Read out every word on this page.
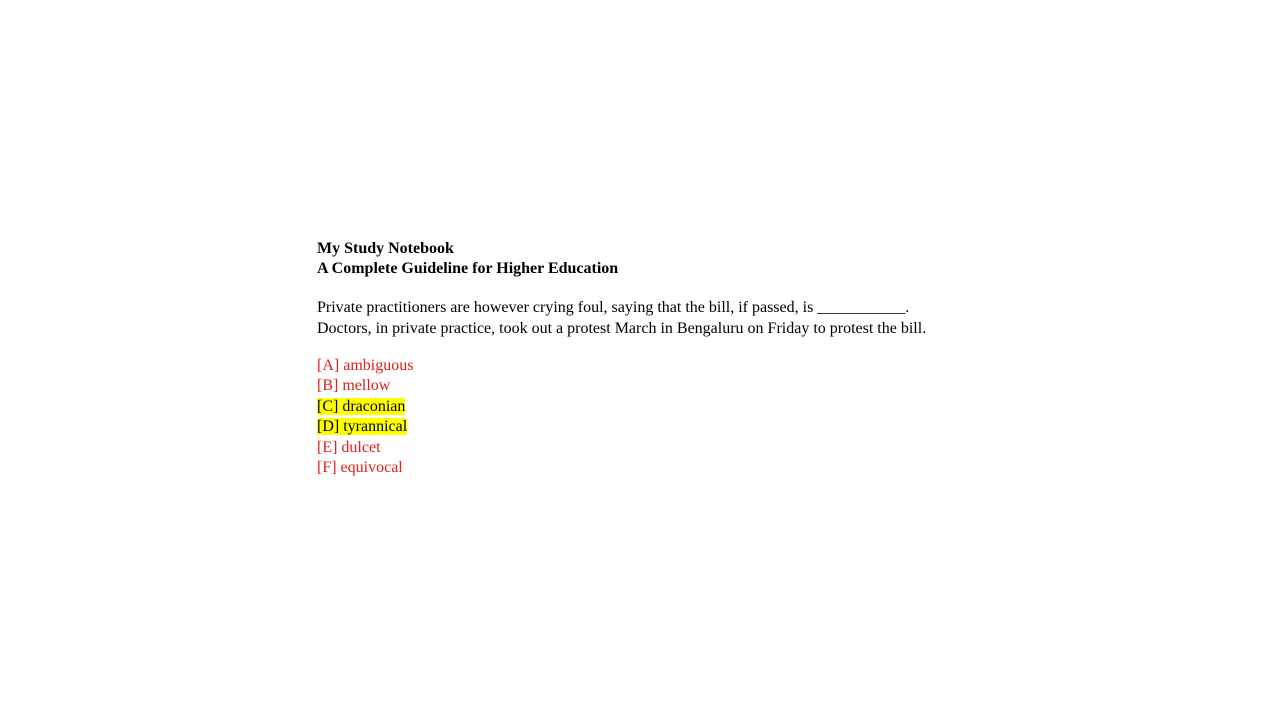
My Study Notebook
A Complete Guideline for Higher Education
Private practitioners are however crying foul, saying that the bill, if passed, is ___________.
Doctors, in private practice, took out a protest March in Bengaluru on Friday to protest the bill.
[A] ambiguous
[B] mellow
[C] draconian
[D] tyrannical
[E] dulcet
[F] equivocal
